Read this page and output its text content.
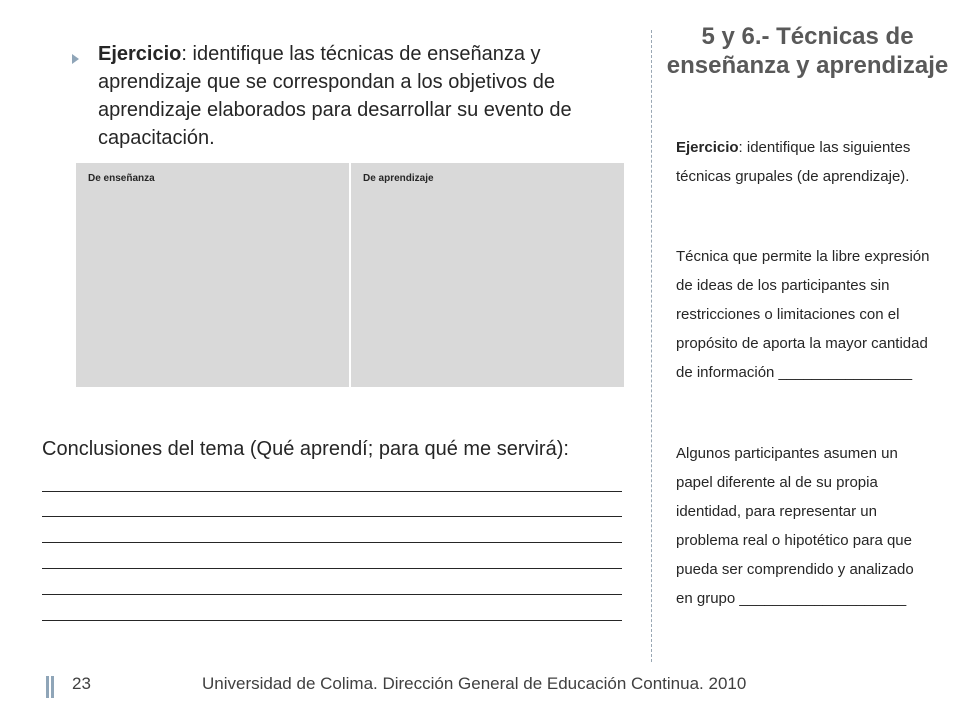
Ejercicio: identifique las técnicas de enseñanza y aprendizaje que se correspondan a los objetivos de aprendizaje elaborados para desarrollar su evento de capacitación.

De enseñanza	De aprendizaje
Conclusiones del tema (Qué aprendí; para qué me servirá):
5 y 6.- Técnicas de enseñanza y aprendizaje
Ejercicio: identifique las siguientes técnicas grupales (de aprendizaje).
Técnica que permite la libre expresión de ideas de los participantes sin restricciones o limitaciones con el propósito de aporta la mayor cantidad de información ________________
Algunos participantes asumen un papel diferente al de su propia identidad, para representar un problema real o hipotético para que pueda ser comprendido y analizado en grupo ____________________
23	Universidad de Colima. Dirección General de Educación Continua. 2010
